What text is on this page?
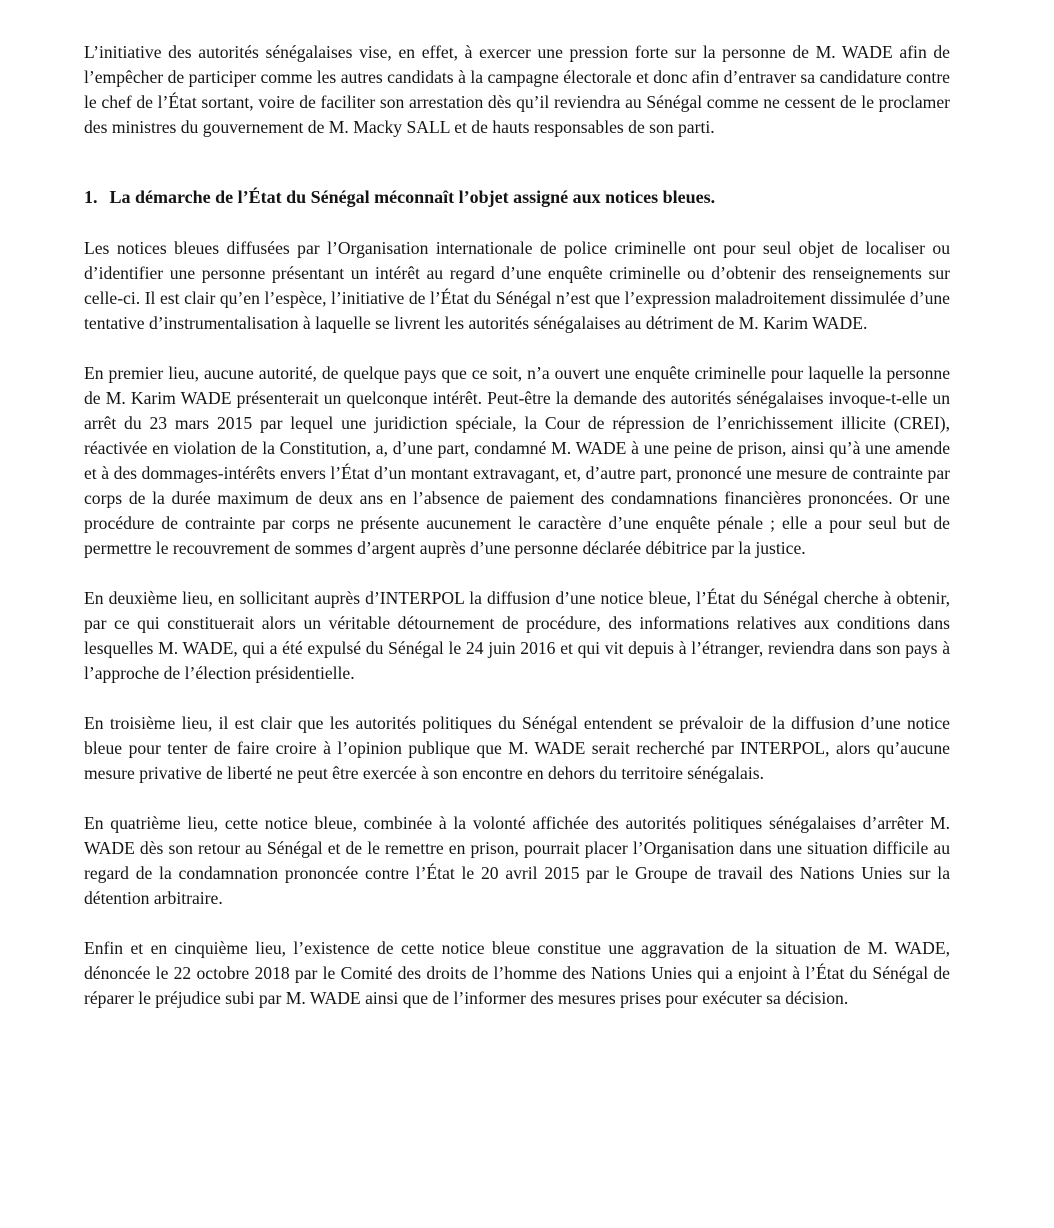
L’initiative des autorités sénégalaises vise, en effet, à exercer une pression forte sur la personne de M. WADE afin de l’empêcher de participer comme les autres candidats à la campagne électorale et donc afin d’entraver sa candidature contre le chef de l’État sortant, voire de faciliter son arrestation dès qu’il reviendra au Sénégal comme ne cessent de le proclamer des ministres du gouvernement de M. Macky SALL et de hauts responsables de son parti.

1. La démarche de l’État du Sénégal méconnaît l’objet assigné aux notices bleues.

Les notices bleues diffusées par l’Organisation internationale de police criminelle ont pour seul objet de localiser ou d’identifier une personne présentant un intérêt au regard d’une enquête criminelle ou d’obtenir des renseignements sur celle-ci. Il est clair qu’en l’espèce, l’initiative de l’État du Sénégal n’est que l’expression maladroitement dissimulée d’une tentative d’instrumentalisation à laquelle se livrent les autorités sénégalaises au détriment de M. Karim WADE.

En premier lieu, aucune autorité, de quelque pays que ce soit, n’a ouvert une enquête criminelle pour laquelle la personne de M. Karim WADE présenterait un quelconque intérêt. Peut-être la demande des autorités sénégalaises invoque-t-elle un arrêt du 23 mars 2015 par lequel une juridiction spéciale, la Cour de répression de l’enrichissement illicite (CREI), réactivée en violation de la Constitution, a, d’une part, condamné M. WADE à une peine de prison, ainsi qu’à une amende et à des dommages-intérêts envers l’État d’un montant extravagant, et, d’autre part, prononcé une mesure de contrainte par corps de la durée maximum de deux ans en l’absence de paiement des condamnations financières prononcées. Or une procédure de contrainte par corps ne présente aucunement le caractère d’une enquête pénale ; elle a pour seul but de permettre le recouvrement de sommes d’argent auprès d’une personne déclarée débitrice par la justice.

En deuxième lieu, en sollicitant auprès d’INTERPOL la diffusion d’une notice bleue, l’État du Sénégal cherche à obtenir, par ce qui constituerait alors un véritable détournement de procédure, des informations relatives aux conditions dans lesquelles M. WADE, qui a été expulsé du Sénégal le 24 juin 2016 et qui vit depuis à l’étranger, reviendra dans son pays à l’approche de l’élection présidentielle.

En troisième lieu, il est clair que les autorités politiques du Sénégal entendent se prévaloir de la diffusion d’une notice bleue pour tenter de faire croire à l’opinion publique que M. WADE serait recherché par INTERPOL, alors qu’aucune mesure privative de liberté ne peut être exercée à son encontre en dehors du territoire sénégalais.

En quatrième lieu, cette notice bleue, combinée à la volonté affichée des autorités politiques sénégalaises d’arrêter M. WADE dès son retour au Sénégal et de le remettre en prison, pourrait placer l’Organisation dans une situation difficile au regard de la condamnation prononcée contre l’État le 20 avril 2015 par le Groupe de travail des Nations Unies sur la détention arbitraire.

Enfin et en cinquième lieu, l’existence de cette notice bleue constitue une aggravation de la situation de M. WADE, dénoncée le 22 octobre 2018 par le Comité des droits de l’homme des Nations Unies qui a enjoint à l’État du Sénégal de réparer le préjudice subi par M. WADE ainsi que de l’informer des mesures prises pour exécuter sa décision.
